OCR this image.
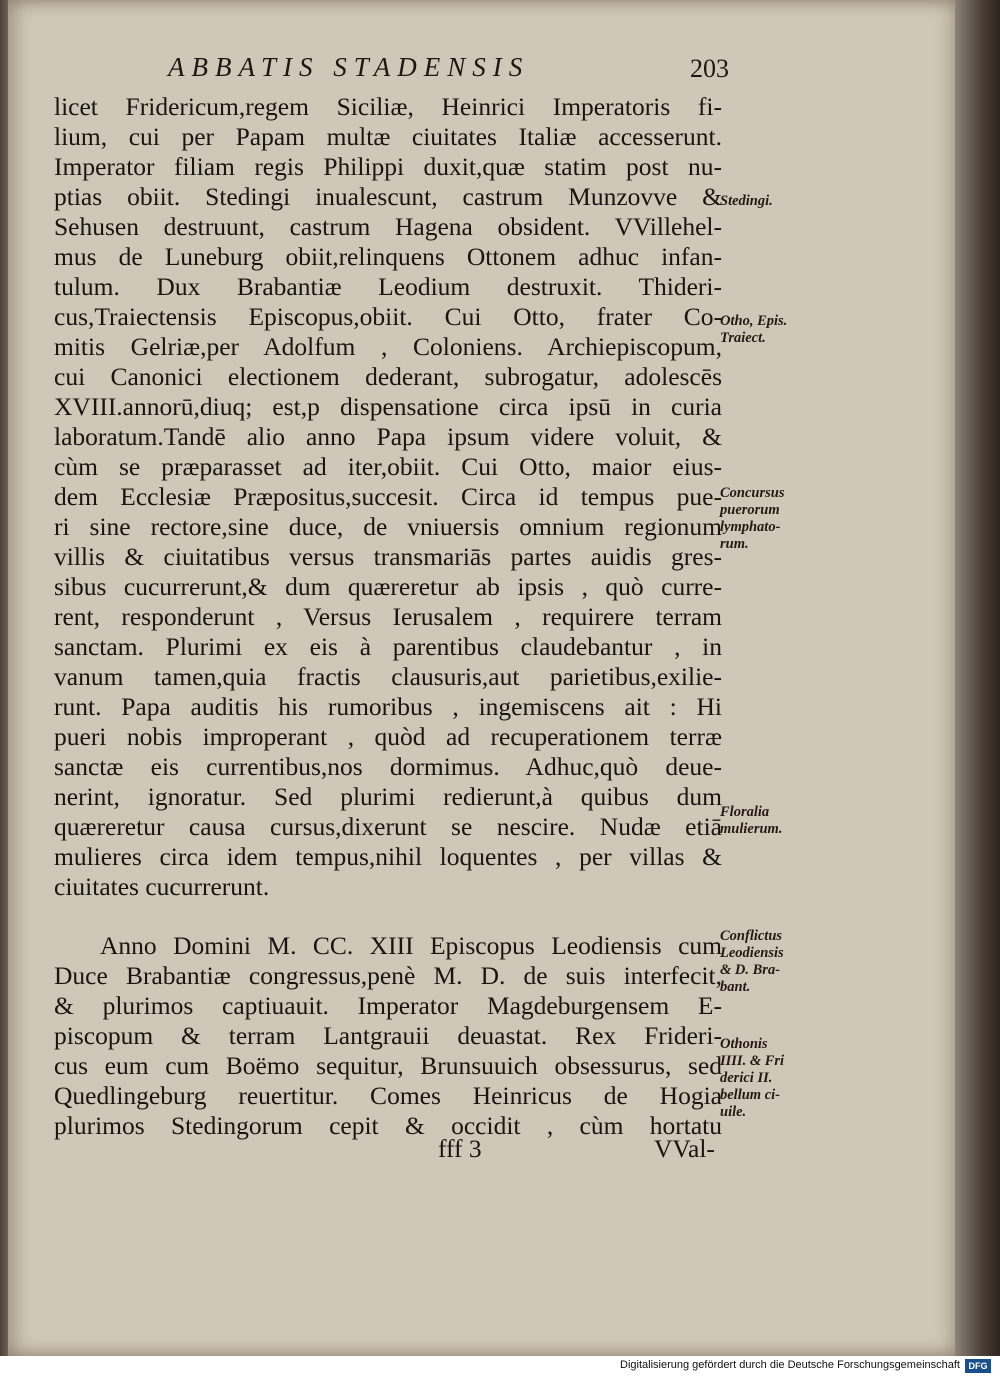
ABBATIS STADENSIS	203
licet Fridericum,regem Siciliæ, Heinrici Imperatoris fi-
lium, cui per Papam multæ ciuitates Italiæ accesserunt.
Imperator filiam regis Philippi duxit,quæ statim post nu-
ptias obiit. Stedingi inualescunt, castrum Munzovve &
Sehusen destruunt, castrum Hagena obsident. VVillehel-
mus de Luneburg obiit,relinquens Ottonem adhuc infan-
tulum. Dux Brabantiæ Leodium destruxit. Thideri-
cus,Traiectensis Episcopus,obiit. Cui Otto, frater Co-
mitis Gelriæ,per Adolfum , Coloniens. Archiepiscopum,
cui Canonici electionem dederant, subrogatur, adolescēs
XVIII.annorū,diuq; est,p dispensatione circa ipsū in curia
laboratum.Tandē alio anno Papa ipsum videre voluit, &
cùm se præparasset ad iter,obiit. Cui Otto, maior eius-
dem Ecclesiæ Præpositus,succesit. Circa id tempus pue-
ri sine rectore,sine duce, de vniuersis omnium regionum
villis & ciuitatibus versus transmariās partes auidis gres-
sibus cucurrerunt,& dum quæreretur ab ipsis , quò curre-
rent, responderunt , Versus Ierusalem , requirere terram
sanctam. Plurimi ex eis à parentibus claudebantur , in
vanum tamen,quia fractis clausuris,aut parietibus,exilie-
runt. Papa auditis his rumoribus , ingemiscens ait : Hi
pueri nobis improperant , quòd ad recuperationem terræ
sanctæ eis currentibus,nos dormimus. Adhuc,quò deue-
nerint, ignoratur. Sed plurimi redierunt,à quibus dum
quæreretur causa cursus,dixerunt se nescire. Nudæ etiā
mulieres circa idem tempus,nihil loquentes , per villas &
ciuitates cucurrerunt.
Anno Domini M. CC. XIII Episcopus Leodiensis cum
Duce Brabantiæ congressus,penè M. D. de suis interfecit,
& plurimos captiuauit. Imperator Magdeburgensem E-
piscopum & terram Lantgrauii deuastat. Rex Frideri-
cus eum cum Boëmo sequitur, Brunsuuich obsessurus, sed
Quedlingeburg reuertitur. Comes Heinricus de Hogia
plurimos Stedingorum cepit & occidit , cùm hortatu
fff 3	VVal-
Stedingi.
Otho, Epis.
Traiect.
Concursus
puerorum
lymphato-
rum.
Floralia
mulierum.
Conflictus
Leodiensis
& D. Bra-
bant.
Othonis
IIII. & Fri
derici II.
bellum ci-
uile.
Digitalisierung gefördert durch die Deutsche Forschungsgemeinschaft DFG
